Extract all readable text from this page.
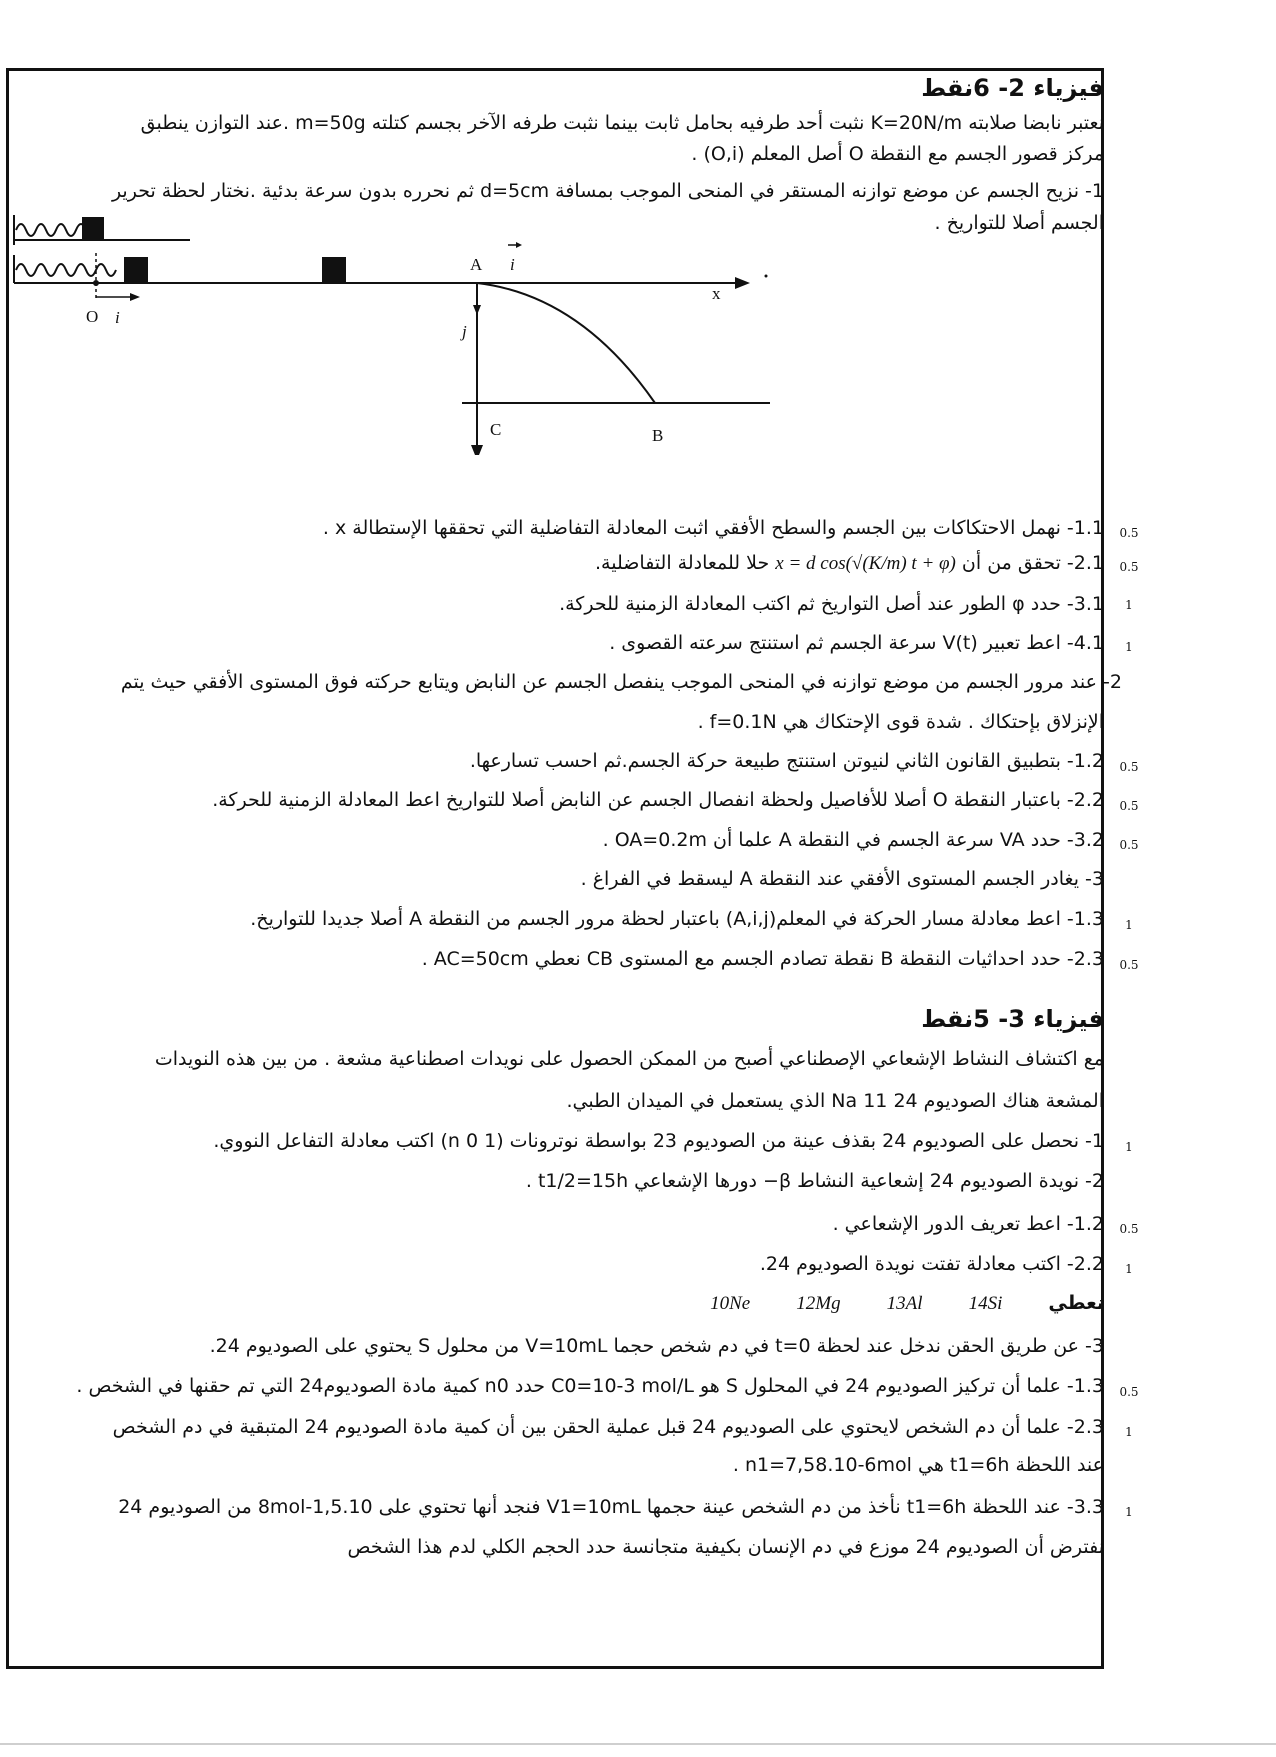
فيزياء 2- 6نقط
نعتبر نابضا صلابته K=20N/m نثبت أحد طرفيه بحامل ثابت بينما نثبت طرفه الآخر بجسم كتلته m=50g .عند التوازن ينطبق
مركز قصور الجسم مع النقطة O أصل المعلم (O,i) .
1- نزيح الجسم عن موضع توازنه المستقر في المنحى الموجب بمسافة d=5cm ثم نحرره بدون سرعة بدئية .نختار لحظة تحرير
الجسم أصلا للتواريخ .
O i
A i
x
j
C	B
1.1- نهمل الاحتكاكات بين الجسم والسطح الأفقي اثبت المعادلة التفاضلية التي تحققها الإستطالة x .
2.1- تحقق من أن x = d cos(√(K/m) t + φ) حلا للمعادلة التفاضلية.
3.1- حدد φ الطور عند أصل التواريخ ثم اكتب المعادلة الزمنية للحركة.
4.1- اعط تعبير V(t) سرعة الجسم ثم استنتج سرعته القصوى .
2- عند مرور الجسم من موضع توازنه في المنحى الموجب ينفصل الجسم عن النابض ويتابع حركته فوق المستوى الأفقي حيث يتم
الإنزلاق بإحتكاك . شدة قوى الإحتكاك هي f=0.1N .
1.2- بتطبيق القانون الثاني لنيوتن استنتج طبيعة حركة الجسم.ثم احسب تسارعها.
2.2- باعتبار النقطة O أصلا للأفاصيل ولحظة انفصال الجسم عن النابض أصلا للتواريخ اعط المعادلة الزمنية للحركة.
3.2- حدد VA سرعة الجسم في النقطة A علما أن OA=0.2m .
3- يغادر الجسم المستوى الأفقي عند النقطة A ليسقط في الفراغ .
1.3- اعط معادلة مسار الحركة في المعلم(A,i,j) باعتبار لحظة مرور الجسم من النقطة A أصلا جديدا للتواريخ.
2.3- حدد احداثيات النقطة B نقطة تصادم الجسم مع المستوى CB نعطي AC=50cm .
فيزياء 3- 5نقط
مع اكتشاف النشاط الإشعاعي الإصطناعي أصبح من الممكن الحصول على نويدات اصطناعية مشعة . من بين هذه النويدات
المشعة هناك الصوديوم 24 11 Na الذي يستعمل في الميدان الطبي.
1- نحصل على الصوديوم 24 بقذف عينة من الصوديوم 23 بواسطة نوترونات (1 0 n) اكتب معادلة التفاعل النووي.
2- نويدة الصوديوم 24 إشعاعية النشاط β− دورها الإشعاعي t1/2=15h .
1.2- اعط تعريف الدور الإشعاعي .
2.2- اكتب معادلة تفتت نويدة الصوديوم 24.
نعطي 10Ne 12Mg 13Al 14Si
3- عن طريق الحقن ندخل عند لحظة t=0 في دم شخص حجما V=10mL من محلول S يحتوي على الصوديوم 24.
1.3- علما أن تركيز الصوديوم 24 في المحلول S هو C0=10-3 mol/L حدد n0 كمية مادة الصوديوم24 التي تم حقنها في الشخص .
2.3- علما أن دم الشخص لايحتوي على الصوديوم 24 قبل عملية الحقن بين أن كمية مادة الصوديوم 24 المتبقية في دم الشخص
عند اللحظة t1=6h هي n1=7,58.10-6mol .
3.3- عند اللحظة t1=6h نأخذ من دم الشخص عينة حجمها V1=10mL فنجد أنها تحتوي على 1,5.10-8mol من الصوديوم 24
نفترض أن الصوديوم 24 موزع في دم الإنسان بكيفية متجانسة حدد الحجم الكلي لدم هذا الشخص
0.5
0.5
1
1
0.5
0.5
0.5
1
0.5
1
0.5
1
0.5
1
1
